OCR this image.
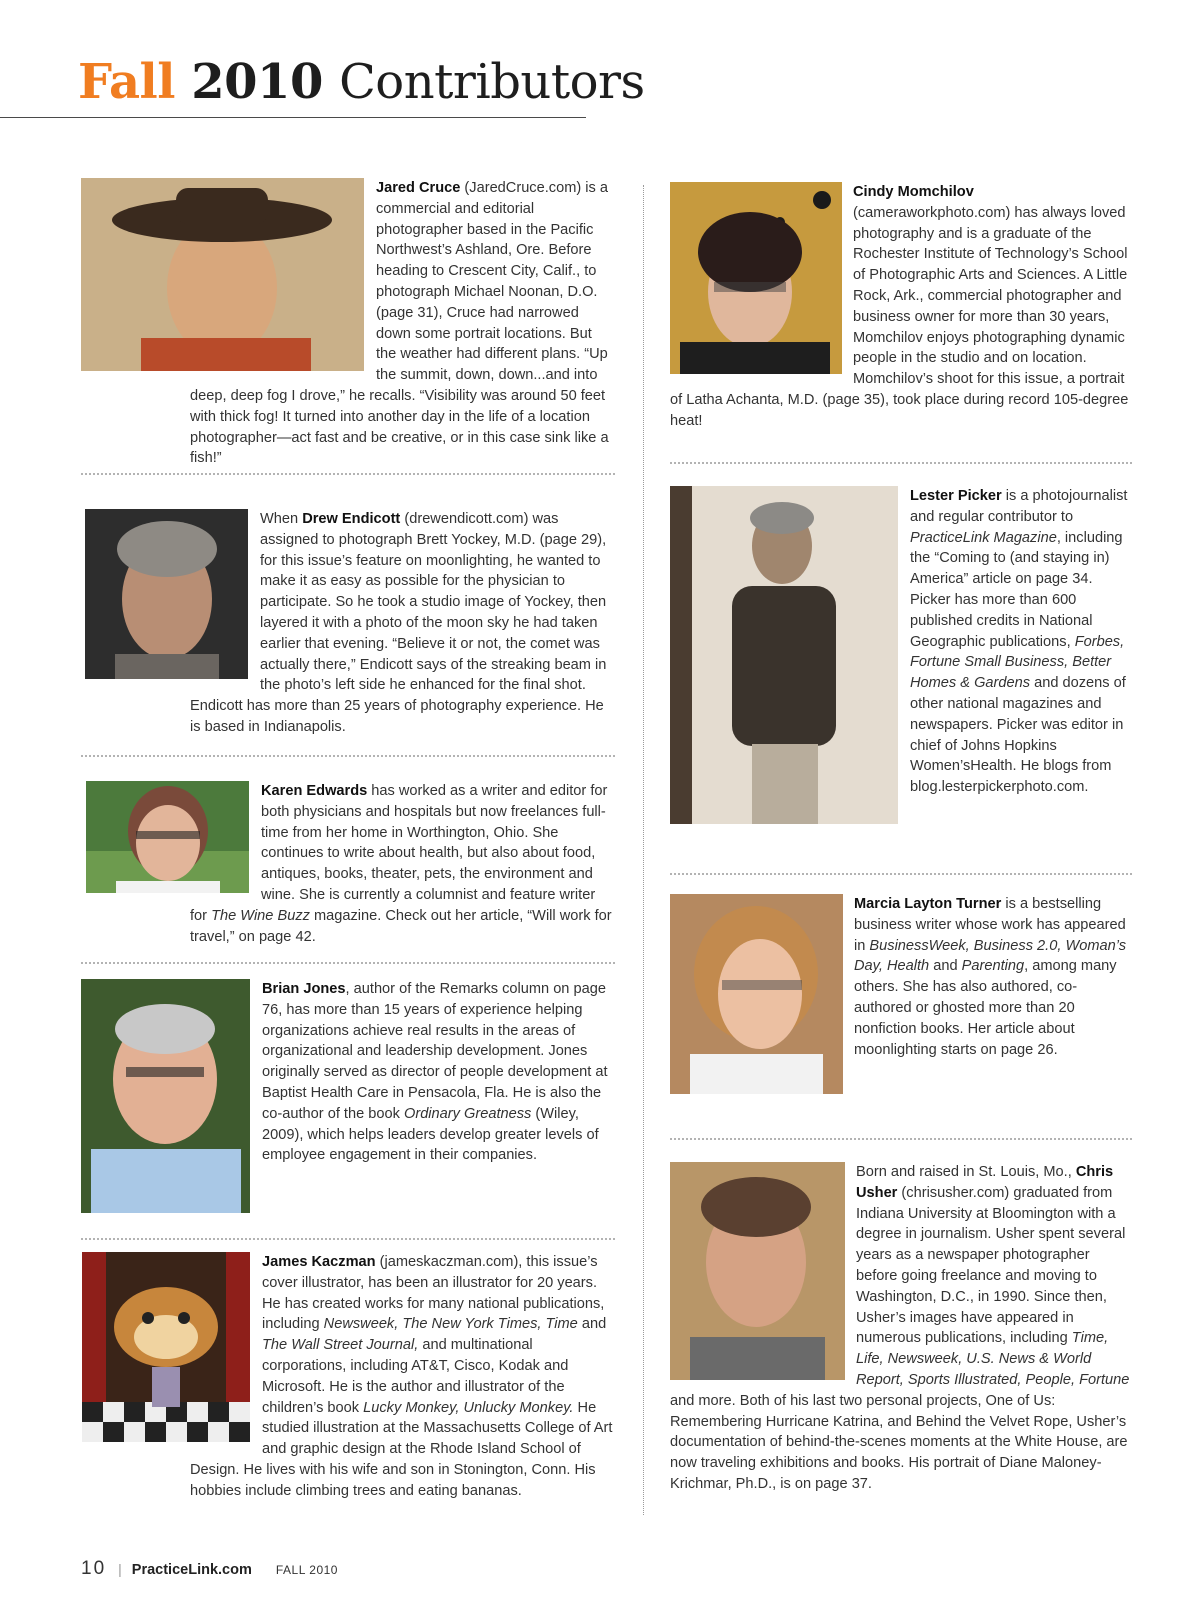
Fall 2010 Contributors

Jared Cruce (JaredCruce.com) is a commercial and editorial photographer based in the Pacific Northwest’s Ashland, Ore. Before heading to Crescent City, Calif., to photograph Michael Noonan, D.O. (page 31), Cruce had narrowed down some portrait locations. But the weather had different plans. “Up the summit, down, down...and into deep, deep fog I drove,” he recalls. “Visibility was around 50 feet with thick fog! It turned into another day in the life of a location photographer—act fast and be creative, or in this case sink like a fish!”

When Drew Endicott (drewendicott.com) was assigned to photograph Brett Yockey, M.D. (page 29), for this issue’s feature on moonlighting, he wanted to make it as easy as possible for the physician to participate. So he took a studio image of Yockey, then layered it with a photo of the moon sky he had taken earlier that evening. “Believe it or not, the comet was actually there,” Endicott says of the streaking beam in the photo’s left side he enhanced for the final shot. Endicott has more than 25 years of photography experience. He is based in Indianapolis.

Karen Edwards has worked as a writer and editor for both physicians and hospitals but now freelances full-time from her home in Worthington, Ohio. She continues to write about health, but also about food, antiques, books, theater, pets, the environment and wine. She is currently a columnist and feature writer for The Wine Buzz magazine. Check out her article, “Will work for travel,” on page 42.

Brian Jones, author of the Remarks column on page 76, has more than 15 years of experience helping organizations achieve real results in the areas of organizational and leadership development. Jones originally served as director of people development at Baptist Health Care in Pensacola, Fla. He is also the co-author of the book Ordinary Greatness (Wiley, 2009), which helps leaders develop greater levels of employee engagement in their companies.

James Kaczman (jameskaczman.com), this issue’s cover illustrator, has been an illustrator for 20 years. He has created works for many national publications, including Newsweek, The New York Times, Time and The Wall Street Journal, and multinational corporations, including AT&T, Cisco, Kodak and Microsoft. He is the author and illustrator of the children’s book Lucky Monkey, Unlucky Monkey. He studied illustration at the Massachusetts College of Art and graphic design at the Rhode Island School of Design. He lives with his wife and son in Stonington, Conn. His hobbies include climbing trees and eating bananas.

Cindy Momchilov (cameraworkphoto.com) has always loved photography and is a graduate of the Rochester Institute of Technology’s School of Photographic Arts and Sciences. A Little Rock, Ark., commercial photographer and business owner for more than 30 years, Momchilov enjoys photographing dynamic people in the studio and on location. Momchilov’s shoot for this issue, a portrait of Latha Achanta, M.D. (page 35), took place during record 105-degree heat!

Lester Picker is a photojournalist and regular contributor to PracticeLink Magazine, including the “Coming to (and staying in) America” article on page 34. Picker has more than 600 published credits in National Geographic publications, Forbes, Fortune Small Business, Better Homes & Gardens and dozens of other national magazines and newspapers. Picker was editor in chief of Johns Hopkins Women’sHealth. He blogs from blog.lesterpickerphoto.com.

Marcia Layton Turner is a bestselling business writer whose work has appeared in BusinessWeek, Business 2.0, Woman’s Day, Health and Parenting, among many others. She has also authored, co-authored or ghosted more than 20 nonfiction books. Her article about moonlighting starts on page 26.

Born and raised in St. Louis, Mo., Chris Usher (chrisusher.com) graduated from Indiana University at Bloomington with a degree in journalism. Usher spent several years as a newspaper photographer before going freelance and moving to Washington, D.C., in 1990. Since then, Usher’s images have appeared in numerous publications, including Time, Life, Newsweek, U.S. News & World Report, Sports Illustrated, People, Fortune and more. Both of his last two personal projects, One of Us: Remembering Hurricane Katrina, and Behind the Velvet Rope, Usher’s documentation of behind-the-scenes moments at the White House, are now traveling exhibitions and books. His portrait of Diane Maloney-Krichmar, Ph.D., is on page 37.

10 | PracticeLink.com FALL 2010
